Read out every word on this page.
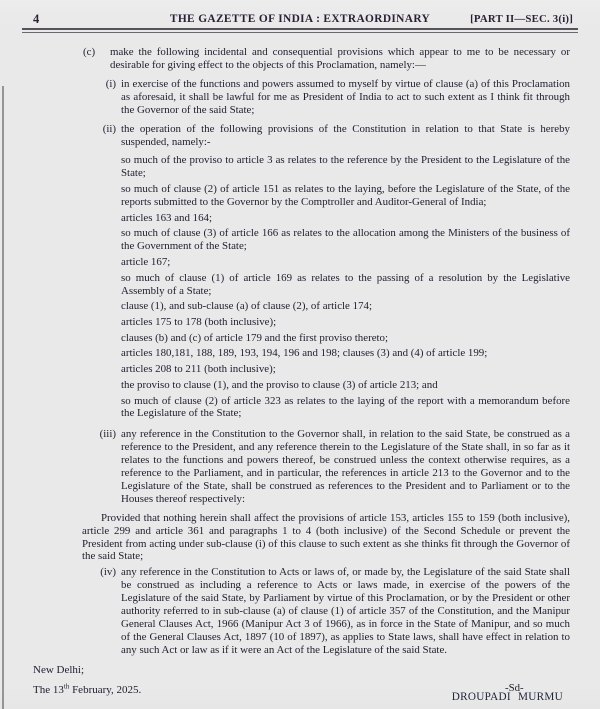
4	THE GAZETTE OF INDIA : EXTRAORDINARY	[PART II—SEC. 3(i)]
(c) make the following incidental and consequential provisions which appear to me to be necessary or desirable for giving effect to the objects of this Proclamation, namely:—
(i) in exercise of the functions and powers assumed to myself by virtue of clause (a) of this Proclamation as aforesaid, it shall be lawful for me as President of India to act to such extent as I think fit through the Governor of the said State;
(ii) the operation of the following provisions of the Constitution in relation to that State is hereby suspended, namely:-
so much of the proviso to article 3 as relates to the reference by the President to the Legislature of the State;
so much of clause (2) of article 151 as relates to the laying, before the Legislature of the State, of the reports submitted to the Governor by the Comptroller and Auditor-General of India;
articles 163 and 164;
so much of clause (3) of article 166 as relates to the allocation among the Ministers of the business of the Government of the State;
article 167;
so much of clause (1) of article 169 as relates to the passing of a resolution by the Legislative Assembly of a State;
clause (1), and sub-clause (a) of clause (2), of article 174;
articles 175 to 178 (both inclusive);
clauses (b) and (c) of article 179 and the first proviso thereto;
articles 180,181, 188, 189, 193, 194, 196 and 198; clauses (3) and (4) of article 199;
articles 208 to 211 (both inclusive);
the proviso to clause (1), and the proviso to clause (3) of article 213; and
so much of clause (2) of article 323 as relates to the laying of the report with a memorandum before the Legislature of the State;
(iii) any reference in the Constitution to the Governor shall, in relation to the said State, be construed as a reference to the President, and any reference therein to the Legislature of the State shall, in so far as it relates to the functions and powers thereof, be construed unless the context otherwise requires, as a reference to the Parliament, and in particular, the references in article 213 to the Governor and to the Legislature of the State, shall be construed as references to the President and to Parliament or to the Houses thereof respectively:
Provided that nothing herein shall affect the provisions of article 153, articles 155 to 159 (both inclusive), article 299 and article 361 and paragraphs 1 to 4 (both inclusive) of the Second Schedule or prevent the President from acting under sub-clause (i) of this clause to such extent as she thinks fit through the Governor of the said State;
(iv) any reference in the Constitution to Acts or laws of, or made by, the Legislature of the said State shall be construed as including a reference to Acts or laws made, in exercise of the powers of the Legislature of the said State, by Parliament by virtue of this Proclamation, or by the President or other authority referred to in sub-clause (a) of clause (1) of article 357 of the Constitution, and the Manipur General Clauses Act, 1966 (Manipur Act 3 of 1966), as in force in the State of Manipur, and so much of the General Clauses Act, 1897 (10 of 1897), as applies to State laws, shall have effect in relation to any such Act or law as if it were an Act of the Legislature of the said State.
New Delhi;
The 13th February, 2025.	-Sd-
DROUPADI MURMU
